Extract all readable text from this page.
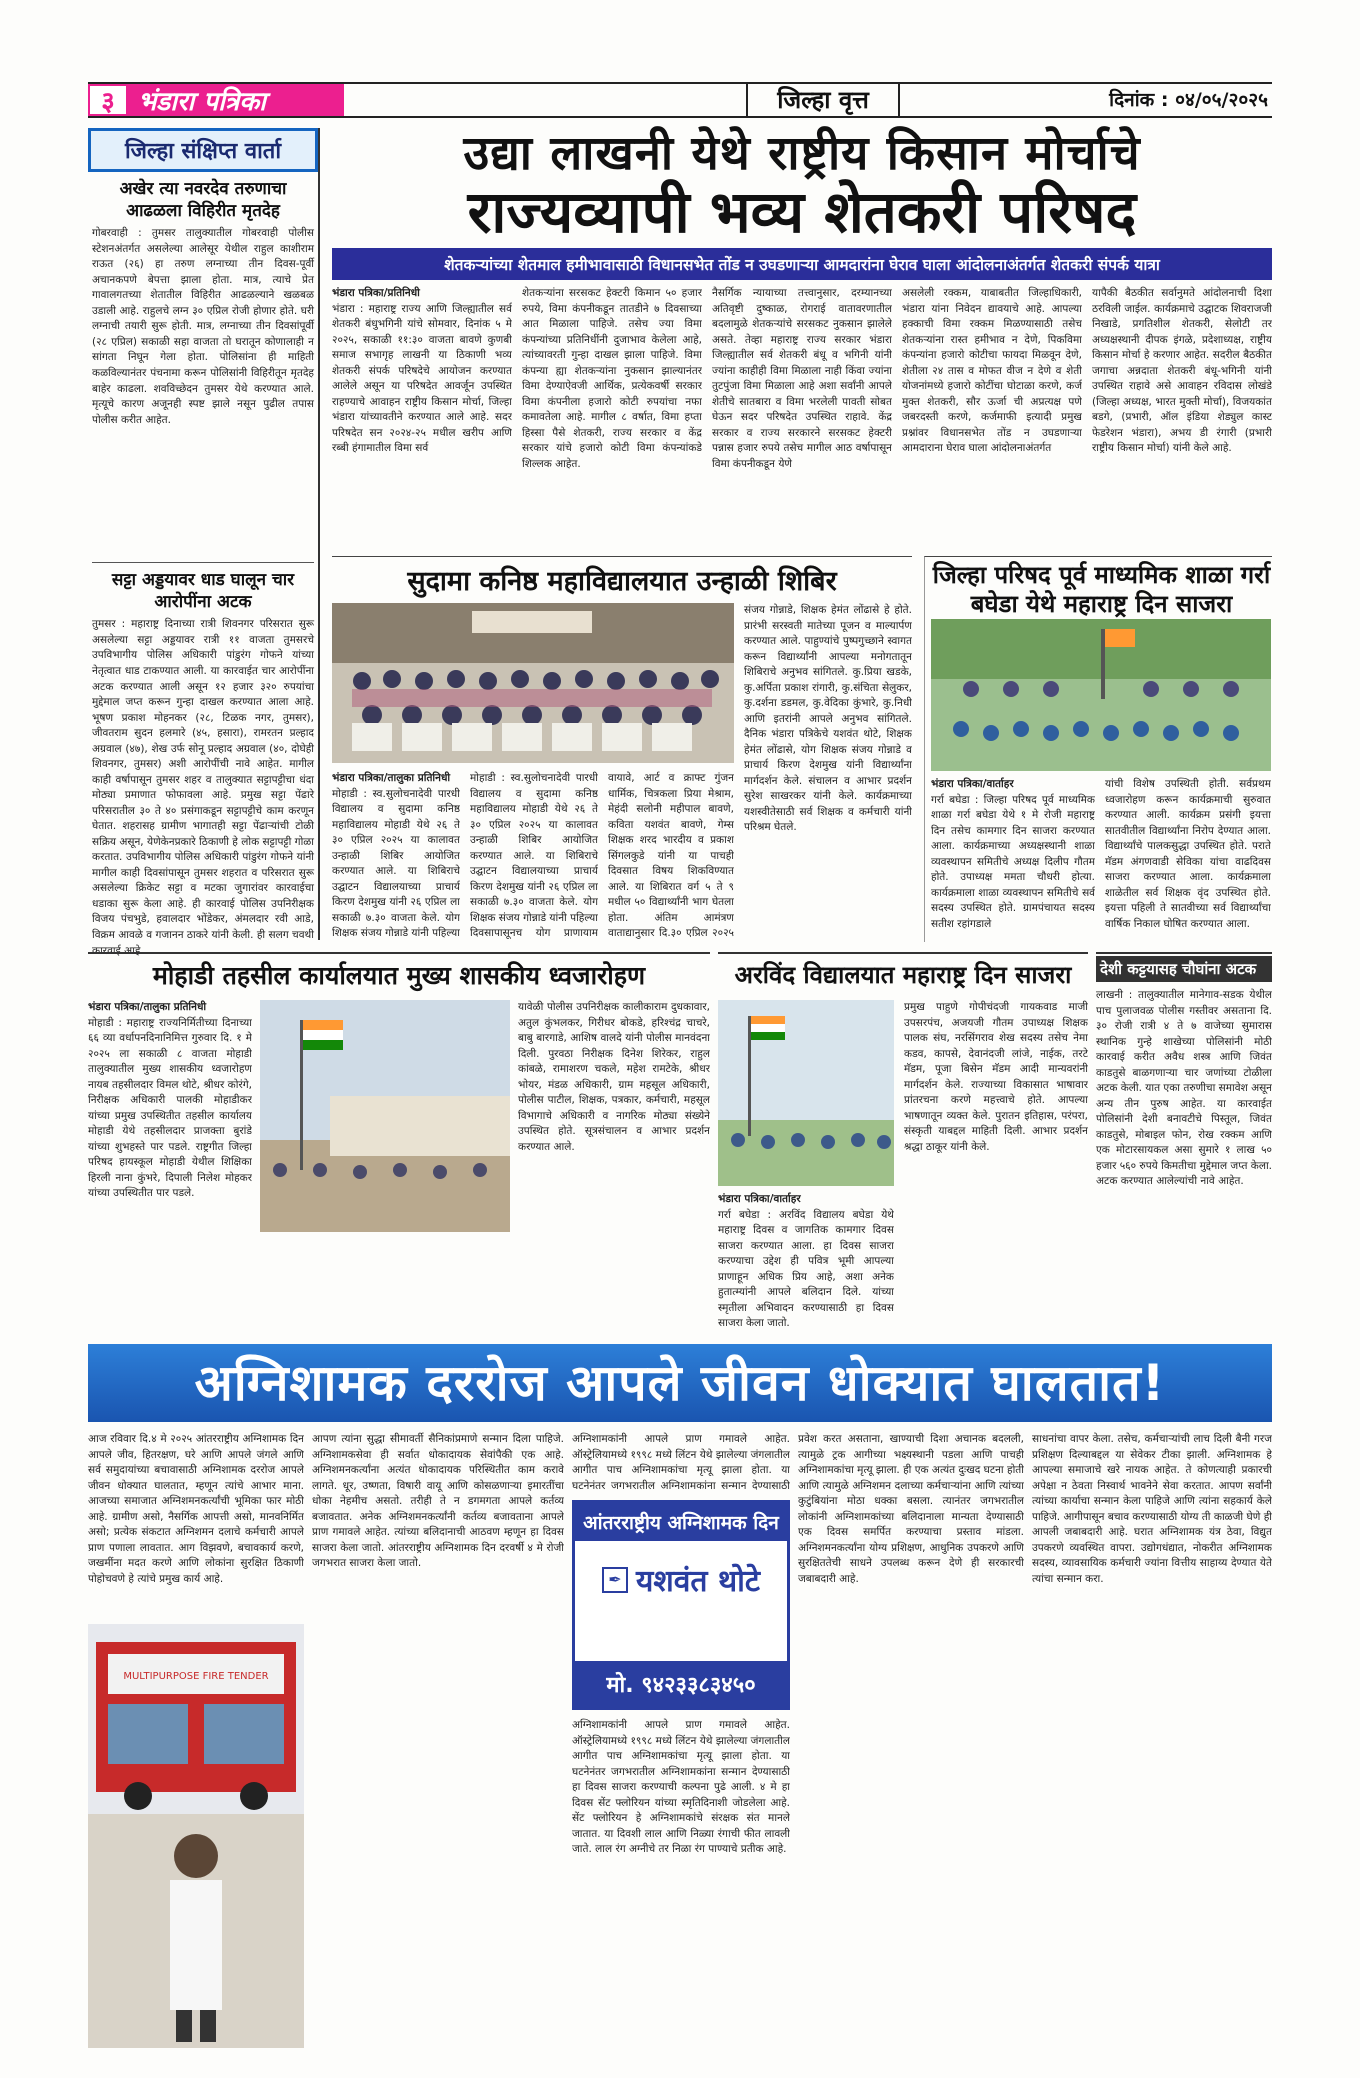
३ भंडारा पत्रिका	जिल्हा वृत्त	दिनांक : ०४/०५/२०२५
जिल्हा संक्षिप्त वार्ता
अखेर त्या नवरदेव तरुणाचा आढळला विहिरीत मृतदेह
गोबरवाही : तुमसर तालुक्यातील गोबरवाही पोलीस स्टेशनअंतर्गत असलेल्या आलेसूर येथील राहुल काशीराम राऊत (२६) हा तरुण लग्नाच्या तीन दिवस-पूर्वी अचानकपणे बेपत्ता झाला होता. मात्र, त्याचे प्रेत गावालगतच्या शेतातील विहिरीत आढळल्याने खळबळ उडाली आहे. राहुलचे लग्न ३० एप्रिल रोजी होणार होते. घरी लग्नाची तयारी सुरू होती. मात्र, लग्नाच्या तीन दिवसांपूर्वी (२८ एप्रिल) सकाळी सहा वाजता तो घरातून कोणालाही न सांगता निघून गेला होता. पोलिसांना ही माहिती कळविल्यानंतर पंचनामा करून पोलिसांनी विहिरीतून मृतदेह बाहेर काढला. शवविच्छेदन तुमसर येथे करण्यात आले. मृत्यूचे कारण अजूनही स्पष्ट झाले नसून पुढील तपास पोलीस करीत आहेत.
सट्टा अड्डयावर धाड घालून चार आरोपींना अटक
तुमसर : महाराष्ट्र दिनाच्या रात्री शिवनगर परिसरात सुरू असलेल्या सट्टा अड्डयावर रात्री ११ वाजता तुमसरचे उपविभागीय पोलिस अधिकारी पांडुरंग गोफने यांच्या नेतृत्वात धाड टाकण्यात आली. या कारवाईत चार आरोपींना अटक करण्यात आली असून १२ हजार ३२० रुपयांचा मुद्देमाल जप्त करून गुन्हा दाखल करण्यात आला आहे. भूषण प्रकाश मोहनकर (२८, टिळक नगर, तुमसर), जीवतराम सुदन हलमारे (४५, हसारा), रामरतन प्रल्हाद अग्रवाल (४७), शेख उर्फ सोनू प्रल्हाद अग्रवाल (४०, दोघेही शिवनगर, तुमसर) अशी आरोपींची नावे आहेत. मागील काही वर्षापासून तुमसर शहर व तालुक्यात सट्टापट्टीचा धंदा मोठ्या प्रमाणात फोफावला आहे. प्रमुख सट्टा पेंढारे परिसरातील ३० ते ४० प्रसंगाकडून सट्टापट्टीचे काम करणून घेतात. शहरासह ग्रामीण भागातही सट्टा पेंढाऱ्यांची टोळी सक्रिय असून, येणेकेनप्रकारे ठिकाणी हे लोक सट्टापट्टी गोळा करतात. उपविभागीय पोलिस अधिकारी पांडुरंग गोफने यांनी मागील काही दिवसांपासून तुमसर शहरात व परिसरात सुरू असलेल्या क्रिकेट सट्टा व मटका जुगारांवर कारवाईचा धडाका सुरू केला आहे. ही कारवाई पोलिस उपनिरीक्षक विजय पंचभुडे, हवालदार भोंडेकर, अंमलदार रवी आडे, विक्रम आवळे व गजानन ठाकरे यांनी केली. ही सलग चवथी कारवाई आहे.
उद्या लाखनी येथे राष्ट्रीय किसान मोर्चाचे
राज्यव्यापी भव्य शेतकरी परिषद
शेतकऱ्यांच्या शेतमाल हमीभावासाठी विधानसभेत तोंड न उघडणाऱ्या आमदारांना घेराव घाला आंदोलनाअंतर्गत शेतकरी संपर्क यात्रा
भंडारा पत्रिका/प्रतिनिधी
भंडारा : महाराष्ट्र राज्य आणि जिल्ह्यातील सर्व शेतकरी बंधुभगिनी यांचे सोमवार, दिनांक ५ मे २०२५, सकाळी ११:३० वाजता बावणे कुणबी समाज सभागृह लाखनी या ठिकाणी भव्य शेतकरी संपर्क परिषदेचे आयोजन करण्यात आलेले असून या परिषदेत आवर्जून उपस्थित राहण्याचे आवाहन राष्ट्रीय किसान मोर्चा, जिल्हा भंडारा यांच्यावतीने करण्यात आले आहे. सदर परिषदेत सन २०२४-२५ मधील खरीप आणि रब्बी हंगामातील विमा सर्व
शेतकऱ्यांना सरसकट हेक्टरी किमान ५० हजार रुपये, विमा कंपनीकडून तातडीने ७ दिवसाच्या आत मिळाला पाहिजे. तसेच ज्या विमा कंपन्यांच्या प्रतिनिधींनी दुजाभाव केलेला आहे, त्यांच्यावरती गुन्हा दाखल झाला पाहिजे. विमा कंपन्या ह्या शेतकऱ्यांना नुकसान झाल्यानंतर विमा देण्याऐवजी आर्थिक, प्रत्येकवर्षी सरकार विमा कंपनीला हजारो कोटी रुपयांचा नफा कमावतेला आहे. मागील ८ वर्षात, विमा हप्ता हिस्सा पैसे शेतकरी, राज्य सरकार व केंद्र सरकार यांचे हजारो कोटी विमा कंपन्यांकडे शिल्लक आहेत.
नैसर्गिक न्यायाच्या तत्त्वानुसार, दरम्यानच्या अतिवृष्टी दुष्काळ, रोगराई वातावरणातील बदलामुळे शेतकऱ्यांचे सरसकट नुकसान झालेले असते. तेव्हा महाराष्ट्र राज्य सरकार भंडारा जिल्ह्यातील सर्व शेतकरी बंधू व भगिनी यांनी ज्यांना काहीही विमा मिळाला नाही किंवा ज्यांना तुटपुंजा विमा मिळाला आहे अशा सर्वांनी आपले शेतीचे सातबारा व विमा भरलेली पावती सोबत घेऊन सदर परिषदेत उपस्थित राहावे. केंद्र सरकार व राज्य सरकारने सरसकट हेक्टरी पन्नास हजार रुपये तसेच मागील आठ वर्षापासून विमा कंपनीकडून येणे
असलेली रक्कम, याबाबतीत जिल्हाधिकारी, भंडारा यांना निवेदन द्यावयाचे आहे. आपल्या हक्काची विमा रक्कम मिळण्यासाठी तसेच शेतकऱ्यांना रास्त हमीभाव न देणे, पिकविमा कंपन्यांना हजारो कोटीचा फायदा मिळवून देणे, शेतीला २४ तास व मोफत वीज न देणे व शेती योजनांमध्ये हजारो कोटींचा घोटाळा करणे, कर्ज मुक्त शेतकरी, सौर ऊर्जा ची अप्रत्यक्ष पणे जबरदस्ती करणे, कर्जमाफी इत्यादी प्रमुख प्रश्नांवर विधानसभेत तोंड न उघडणाऱ्या आमदाराना घेराव घाला आंदोलनाअंतर्गत
यापैकी बैठकीत सर्वानुमते आंदोलनाची दिशा ठरविली जाईल. कार्यक्रमाचे उद्घाटक शिवराजजी निखाडे, प्रगतिशील शेतकरी, सेलोटी तर अध्यक्षस्थानी दीपक इंगळे, प्रदेशाध्यक्ष, राष्ट्रीय किसान मोर्चा हे करणार आहेत. सदरील बैठकीत जगाचा अन्नदाता शेतकरी बंधू-भगिनी यांनी उपस्थित राहावे असे आवाहन रविदास लोखंडे (जिल्हा अध्यक्ष, भारत मुक्ती मोर्चा), विजयकांत बडगे, (प्रभारी, ऑल इंडिया शेड्युल कास्ट फेडरेशन भंडारा), अभय डी रंगारी (प्रभारी राष्ट्रीय किसान मोर्चा) यांनी केले आहे.
सुदामा कनिष्ठ महाविद्यालयात उन्हाळी शिबिर
भंडारा पत्रिका/तालुका प्रतिनिधी
मोहाडी : स्व.सुलोचनादेवी पारधी विद्यालय व सुदामा कनिष्ठ महाविद्यालय मोहाडी येथे २६ ते ३० एप्रिल २०२५ या कालावत उन्हाळी शिबिर आयोजित करण्यात आले. या शिबिराचे उद्घाटन विद्यालयाच्या प्राचार्य किरण देशमुख यांनी २६ एप्रिल ला सकाळी ७.३० वाजता केले. योग शिक्षक संजय गोन्नाडे यांनी पहिल्या
मोहाडी : स्व.सुलोचनादेवी पारधी विद्यालय व सुदामा कनिष्ठ महाविद्यालय मोहाडी येथे २६ ते ३० एप्रिल २०२५ या कालावत उन्हाळी शिबिर आयोजित करण्यात आले. या शिबिराचे उद्घाटन विद्यालयाच्या प्राचार्य किरण देशमुख यांनी २६ एप्रिल ला सकाळी ७.३० वाजता केले. योग शिक्षक संजय गोन्नाडे यांनी पहिल्या दिवसापासूनच योग प्राणायाम
वायावे, आर्ट व क्राफ्ट गुंजन धार्मिक, चित्रकला प्रिया मेश्राम, मेहंदी सलोनी महीपाल बावणे, कविता यशवंत बावणे, गेम्स शिक्षक शरद भारदीय व प्रकाश सिंगलकुडे यांनी या पाचही दिवसात विषय शिकविण्यात आले. या शिबिरात वर्ग ५ ते ९ मधील ५० विद्यार्थ्यांनी भाग घेतला होता. अंतिम आमंत्रण वाताद्यानुसार दि.३० एप्रिल २०२५
संजय गोन्नाडे, शिक्षक हेमंत लोंढासे हे होते. प्रारंभी सरस्वती मातेच्या पूजन व माल्यार्पण करण्यात आले. पाहुण्यांचे पुष्पगुच्छाने स्वागत करून विद्यार्थ्यांनी आपल्या मनोगतातून शिबिराचे अनुभव सांगितले. कु.प्रिया खडके, कु.अर्पिता प्रकाश रांगारी, कु.संचिता सेलुकर, कु.दर्शना डडमल, कु.वेदिका कुंभारे, कु.निधी आणि इतरांनी आपले अनुभव सांगितले. दैनिक भंडारा पत्रिकेचे यशवंत थोटे, शिक्षक हेमंत लोंढासे, योग शिक्षक संजय गोन्नाडे व प्राचार्य किरण देशमुख यांनी विद्यार्थ्यांना मार्गदर्शन केले. संचालन व आभार प्रदर्शन सुरेश साखरकर यांनी केले. कार्यक्रमाच्या यशस्वीतेसाठी सर्व शिक्षक व कर्मचारी यांनी परिश्रम घेतले.
जिल्हा परिषद पूर्व माध्यमिक शाळा गर्रा बघेडा येथे महाराष्ट्र दिन साजरा
भंडारा पत्रिका/वार्ताहर
गर्रा बघेडा : जिल्हा परिषद पूर्व माध्यमिक शाळा गर्रा बघेडा येथे १ मे रोजी महाराष्ट्र दिन तसेच कामगार दिन साजरा करण्यात आला. कार्यक्रमाच्या अध्यक्षस्थानी शाळा व्यवस्थापन समितीचे अध्यक्ष दिलीप गौतम होते. उपाध्यक्ष ममता चौधरी होत्या. कार्यक्रमाला शाळा व्यवस्थापन समितीचे सर्व सदस्य उपस्थित होते. ग्रामपंचायत सदस्य सतीश रहांगडाले
यांची विशेष उपस्थिती होती. सर्वप्रथम ध्वजारोहण करून कार्यक्रमाची सुरुवात करण्यात आली. कार्यक्रम प्रसंगी इयत्ता सातवीतील विद्यार्थ्यांना निरोप देण्यात आला. विद्यार्थ्यांचे पालकसुद्धा उपस्थित होते. पराते मॅडम अंगणवाडी सेविका यांचा वाढदिवस साजरा करण्यात आला. कार्यक्रमाला शाळेतील सर्व शिक्षक वृंद उपस्थित होते. इयत्ता पहिली ते सातवीच्या सर्व विद्यार्थ्यांचा वार्षिक निकाल घोषित करण्यात आला.
मोहाडी तहसील कार्यालयात मुख्य शासकीय ध्वजारोहण
भंडारा पत्रिका/तालुका प्रतिनिधी
मोहाडी : महाराष्ट्र राज्यनिर्मितीच्या दिनाच्या ६६ व्या वर्धापनदिनानिमित्त गुरुवार दि. १ मे २०२५ ला सकाळी ८ वाजता मोहाडी तालुक्यातील मुख्य शासकीय ध्वजारोहण नायब तहसीलदार विमल थोटे, श्रीधर कोरंगे, निरीक्षक अधिकारी पालकी मोहाडीकर यांच्या प्रमुख उपस्थितीत तहसील कार्यालय मोहाडी येथे तहसीलदार प्राजक्ता बुरांडे यांच्या शुभहस्ते पार पडले. राष्ट्रगीत जिल्हा परिषद हायस्कूल मोहाडी येथील शिक्षिका हिरली नाना कुंभरे, दिपाली निलेश मोहकर यांच्या उपस्थितीत पार पडले.
यावेळी पोलीस उपनिरीक्षक कालीकाराम दुधकावार, अतुल कुंभलकर, गिरीधर बोकडे, हरिश्चंद्र चाचरे, बाबु बारगाडे, आशिष वालदे यांनी पोलीस मानवंदना दिली. पुरवठा निरीक्षक दिनेश शिरेकर, राहुल कांबळे, रामाशरण चकले, महेश रामटेके, श्रीधर भोयर, मंडळ अधिकारी, ग्राम महसूल अधिकारी, पोलीस पाटील, शिक्षक, पत्रकार, कर्मचारी, महसूल विभागाचे अधिकारी व नागरिक मोठ्या संख्येने उपस्थित होते. सूत्रसंचालन व आभार प्रदर्शन करण्यात आले.
अरविंद विद्यालयात महाराष्ट्र दिन साजरा
भंडारा पत्रिका/वार्ताहर
गर्रा बघेडा : अरविंद विद्यालय बघेडा येथे महाराष्ट्र दिवस व जागतिक कामगार दिवस साजरा करण्यात आला. हा दिवस साजरा करण्याचा उद्देश ही पवित्र भूमी आपल्या प्राणाहून अधिक प्रिय आहे, अशा अनेक हुतात्म्यांनी आपले बलिदान दिले. यांच्या स्मृतीला अभिवादन करण्यासाठी हा दिवस साजरा केला जातो.
प्रमुख पाहुणे गोपीचंदजी गायकवाड माजी उपसरपंच, अजयजी गौतम उपाध्यक्ष शिक्षक पालक संघ, नरसिंगराव शेख सदस्य तसेच नेमा कडव, कापसे, देवानंदजी लांजे, नाईक, तरटे मॅडम, पूजा बिसेन मॅडम आदी मान्यवरांनी मार्गदर्शन केले. राज्याच्या विकासात भाषावार प्रांतरचना करणे महत्त्वाचे होते. आपल्या भाषणातून व्यक्त केले. पुरातन इतिहास, परंपरा, संस्कृती याबद्दल माहिती दिली. आभार प्रदर्शन श्रद्धा ठाकूर यांनी केले.
देशी कट्टयासह चौघांना अटक
लाखनी : तालुक्यातील मानेगाव-सडक येथील पाच पुलाजवळ पोलीस गस्तीवर असताना दि. ३० रोजी रात्री ४ ते ७ वाजेच्या सुमारास स्थानिक गुन्हे शाखेच्या पोलिसांनी मोठी कारवाई करीत अवैध शस्त्र आणि जिवंत काडतुसे बाळगणाऱ्या चार जणांच्या टोळीला अटक केली. यात एका तरुणीचा समावेश असून अन्य तीन पुरुष आहेत. या कारवाईत पोलिसांनी देशी बनावटीचे पिस्तूल, जिवंत काडतुसे, मोबाइल फोन, रोख रक्कम आणि एक मोटारसायकल असा सुमारे १ लाख ५० हजार ५६० रुपये किमतीचा मुद्देमाल जप्त केला. अटक करण्यात आलेल्यांची नावे आहेत.
अग्निशामक दररोज आपले जीवन धोक्यात घालतात!
आज रविवार दि.४ मे २०२५ आंतरराष्ट्रीय अग्निशामक दिन आपले जीव, हितरक्षण, घरे आणि आपले जंगले आणि सर्व समुदायांच्या बचावासाठी अग्निशामक दररोज आपले जीवन धोक्यात घालतात, म्हणून त्यांचे आभार माना. आजच्या समाजात अग्निशमनकर्त्यांची भूमिका फार मोठी आहे. ग्रामीण असो, नैसर्गिक आपत्ती असो, मानवनिर्मित असो; प्रत्येक संकटात अग्निशमन दलाचे कर्मचारी आपले प्राण पणाला लावतात. आग विझवणे, बचावकार्य करणे, जखमींना मदत करणे आणि लोकांना सुरक्षित ठिकाणी पोहोचवणे हे त्यांचे प्रमुख कार्य आहे.
MULTIPURPOSE FIRE TENDER
आपण त्यांना सुद्धा सीमावर्ती सैनिकांप्रमाणे सन्मान दिला पाहिजे. अग्निशामकसेवा ही सर्वात धोकादायक सेवांपैकी एक आहे. अग्निशमनकर्त्यांना अत्यंत धोकादायक परिस्थितीत काम करावे लागते. धूर, उष्णता, विषारी वायू आणि कोसळणाऱ्या इमारतींचा धोका नेहमीच असतो. तरीही ते न डगमगता आपले कर्तव्य बजावतात. अनेक अग्निशमनकर्त्यांनी कर्तव्य बजावताना आपले प्राण गमावले आहेत. त्यांच्या बलिदानाची आठवण म्हणून हा दिवस साजरा केला जातो. आंतरराष्ट्रीय अग्निशामक दिन दरवर्षी ४ मे रोजी जगभरात साजरा केला जातो.
अग्निशामकांनी आपले प्राण गमावले आहेत. ऑस्ट्रेलियामध्ये १९९८ मध्ये लिंटन येथे झालेल्या जंगलातील आगीत पाच अग्निशामकांचा मृत्यू झाला होता. या घटनेनंतर जगभरातील अग्निशामकांना सन्मान देण्यासाठी
आंतरराष्ट्रीय अग्निशामक दिन
✒ यशवंत थोटे
मो. ९४२३३८३४५०
अग्निशामकांनी आपले प्राण गमावले आहेत. ऑस्ट्रेलियामध्ये १९९८ मध्ये लिंटन येथे झालेल्या जंगलातील आगीत पाच अग्निशामकांचा मृत्यू झाला होता. या घटनेनंतर जगभरातील अग्निशामकांना सन्मान देण्यासाठी हा दिवस साजरा करण्याची कल्पना पुढे आली. ४ मे हा दिवस सेंट फ्लोरियन यांच्या स्मृतिदिनाशी जोडलेला आहे. सेंट फ्लोरियन हे अग्निशामकांचे संरक्षक संत मानले जातात. या दिवशी लाल आणि निळ्या रंगाची फीत लावली जाते. लाल रंग अग्नीचे तर निळा रंग पाण्याचे प्रतीक आहे.
प्रवेश करत असताना, खाण्याची दिशा अचानक बदलली, त्यामुळे ट्रक आगीच्या भक्ष्यस्थानी पडला आणि पाचही अग्निशामकांचा मृत्यू झाला. ही एक अत्यंत दुःखद घटना होती आणि त्यामुळे अग्निशमन दलाच्या कर्मचाऱ्यांना आणि त्यांच्या कुटुंबियांना मोठा धक्का बसला. त्यानंतर जगभरातील लोकांनी अग्निशामकांच्या बलिदानाला मान्यता देण्यासाठी एक दिवस समर्पित करण्याचा प्रस्ताव मांडला. अग्निशमनकर्त्यांना योग्य प्रशिक्षण, आधुनिक उपकरणे आणि सुरक्षिततेची साधने उपलब्ध करून देणे ही सरकारची जबाबदारी आहे.
साधनांचा वापर केला. तसेच, कर्मचाऱ्यांची लाच दिली बैनी गरज प्रशिक्षण दिल्याबद्दल या सेवेकर टीका झाली. अग्निशामक हे आपल्या समाजाचे खरे नायक आहेत. ते कोणत्याही प्रकारची अपेक्षा न ठेवता निस्वार्थ भावनेने सेवा करतात. आपण सर्वांनी त्यांच्या कार्याचा सन्मान केला पाहिजे आणि त्यांना सहकार्य केले पाहिजे. आगीपासून बचाव करण्यासाठी योग्य ती काळजी घेणे ही आपली जबाबदारी आहे. घरात अग्निशामक यंत्र ठेवा, विद्युत उपकरणे व्यवस्थित वापरा. उद्योगधंद्यात, नोकरीत अग्निशामक सदस्य, व्यावसायिक कर्मचारी ज्यांना वित्तीय साहाय्य देण्यात येते त्यांचा सन्मान करा.
